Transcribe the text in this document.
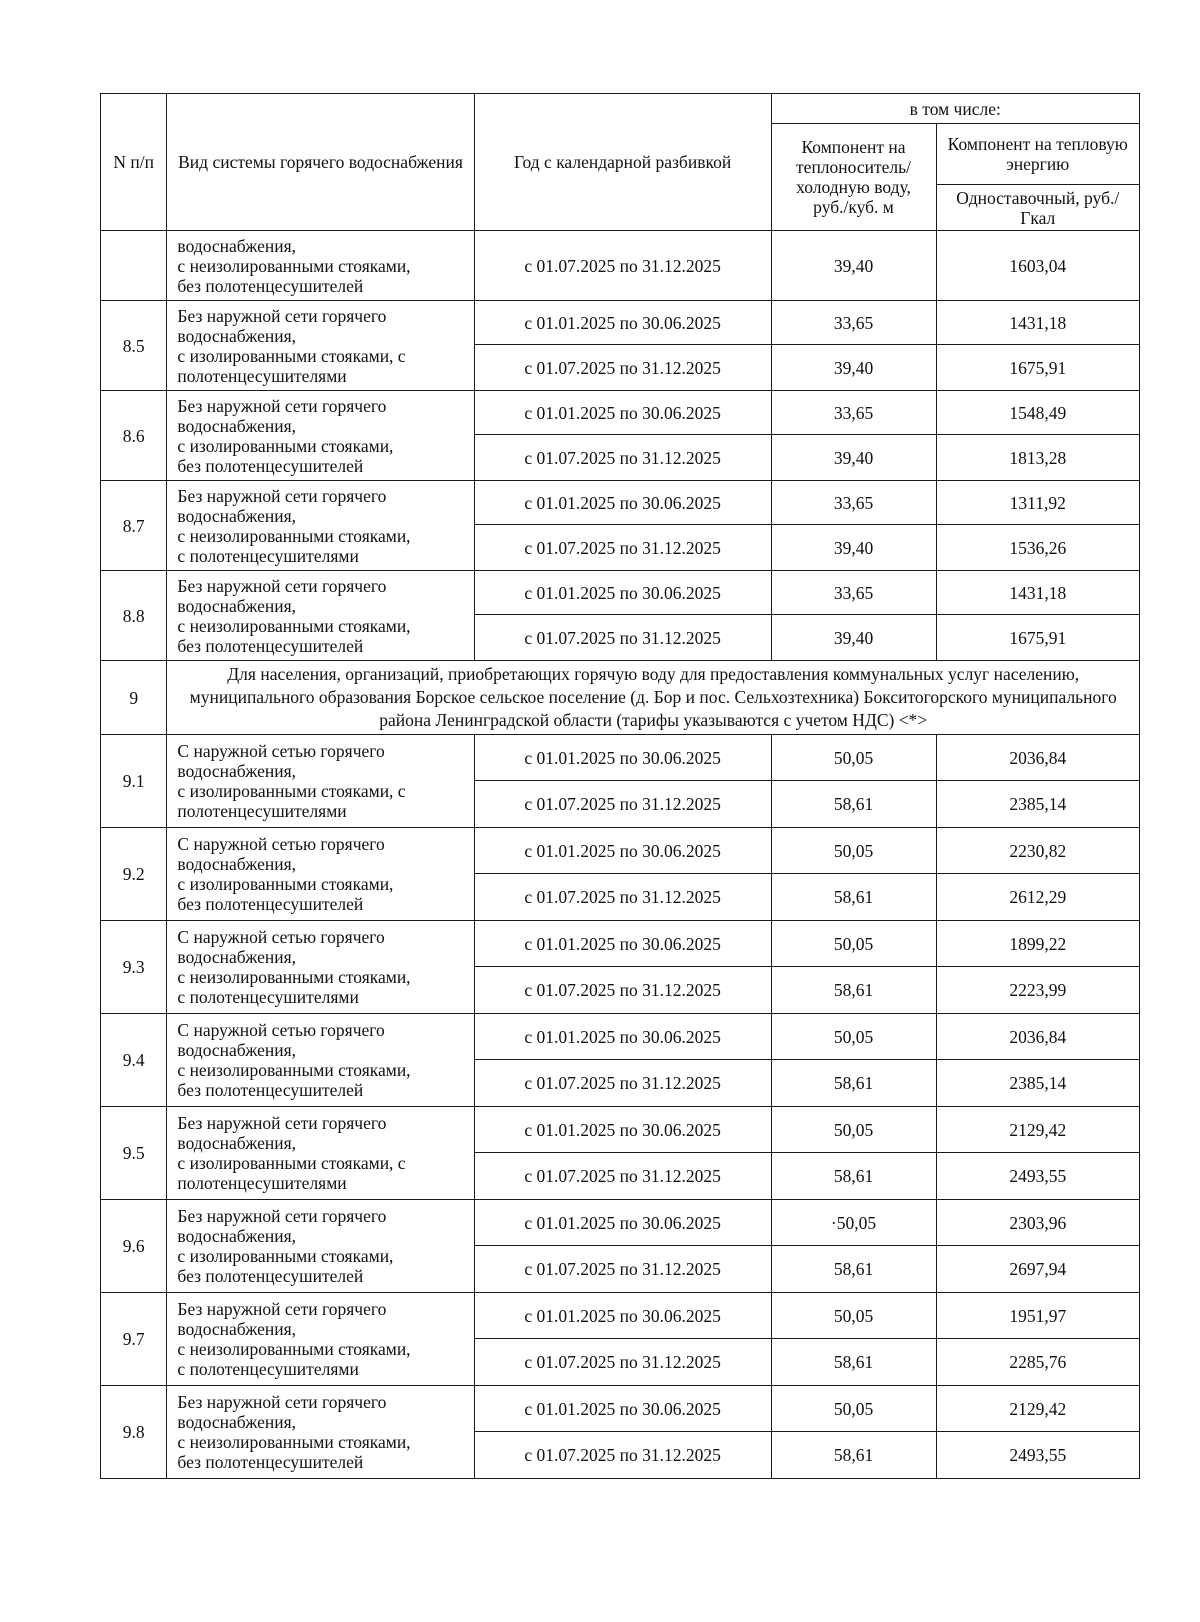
N п/п	Вид системы горячего водоснабжения	Год с календарной разбивкой	в том числе:	
			Компонент на теплоноситель/ холодную воду, руб./куб. м	Компонент на тепловую энергию
				Одноставочный, руб./Гкал
	водоснабжения,
с неизолированными стояками,
без полотенцесушителей	с 01.07.2025 по 31.12.2025	39,40	1603,04
8.5	Без наружной сети горячего
водоснабжения,
с изолированными стояками, с
полотенцесушителями	с 01.01.2025 по 30.06.2025	33,65	1431,18
		с 01.07.2025 по 31.12.2025	39,40	1675,91
8.6	Без наружной сети горячего
водоснабжения,
с изолированными стояками,
без полотенцесушителей	с 01.01.2025 по 30.06.2025	33,65	1548,49
		с 01.07.2025 по 31.12.2025	39,40	1813,28
8.7	Без наружной сети горячего
водоснабжения,
с неизолированными стояками,
с полотенцесушителями	с 01.01.2025 по 30.06.2025	33,65	1311,92
		с 01.07.2025 по 31.12.2025	39,40	1536,26
8.8	Без наружной сети горячего
водоснабжения,
с неизолированными стояками,
без полотенцесушителей	с 01.01.2025 по 30.06.2025	33,65	1431,18
		с 01.07.2025 по 31.12.2025	39,40	1675,91
9	Для населения, организаций, приобретающих горячую воду для предоставления коммунальных услуг населению, муниципального образования Борское сельское поселение (д. Бор и пос. Сельхозтехника) Бокситогорского муниципального района Ленинградской области (тарифы указываются с учетом НДС) <*>			
9.1	С наружной сетью горячего
водоснабжения,
с изолированными стояками, с
полотенцесушителями	с 01.01.2025 по 30.06.2025	50,05	2036,84
		с 01.07.2025 по 31.12.2025	58,61	2385,14
9.2	С наружной сетью горячего
водоснабжения,
с изолированными стояками,
без полотенцесушителей	с 01.01.2025 по 30.06.2025	50,05	2230,82
		с 01.07.2025 по 31.12.2025	58,61	2612,29
9.3	С наружной сетью горячего
водоснабжения,
с неизолированными стояками,
с полотенцесушителями	с 01.01.2025 по 30.06.2025	50,05	1899,22
		с 01.07.2025 по 31.12.2025	58,61	2223,99
9.4	С наружной сетью горячего
водоснабжения,
с неизолированными стояками,
без полотенцесушителей	с 01.01.2025 по 30.06.2025	50,05	2036,84
		с 01.07.2025 по 31.12.2025	58,61	2385,14
9.5	Без наружной сети горячего
водоснабжения,
с изолированными стояками, с
полотенцесушителями	с 01.01.2025 по 30.06.2025	50,05	2129,42
		с 01.07.2025 по 31.12.2025	58,61	2493,55
9.6	Без наружной сети горячего
водоснабжения,
с изолированными стояками,
без полотенцесушителей	с 01.01.2025 по 30.06.2025	·50,05	2303,96
		с 01.07.2025 по 31.12.2025	58,61	2697,94
9.7	Без наружной сети горячего
водоснабжения,
с неизолированными стояками,
с полотенцесушителями	с 01.01.2025 по 30.06.2025	50,05	1951,97
		с 01.07.2025 по 31.12.2025	58,61	2285,76
9.8	Без наружной сети горячего
водоснабжения,
с неизолированными стояками,
без полотенцесушителей	с 01.01.2025 по 30.06.2025	50,05	2129,42
		с 01.07.2025 по 31.12.2025	58,61	2493,55
